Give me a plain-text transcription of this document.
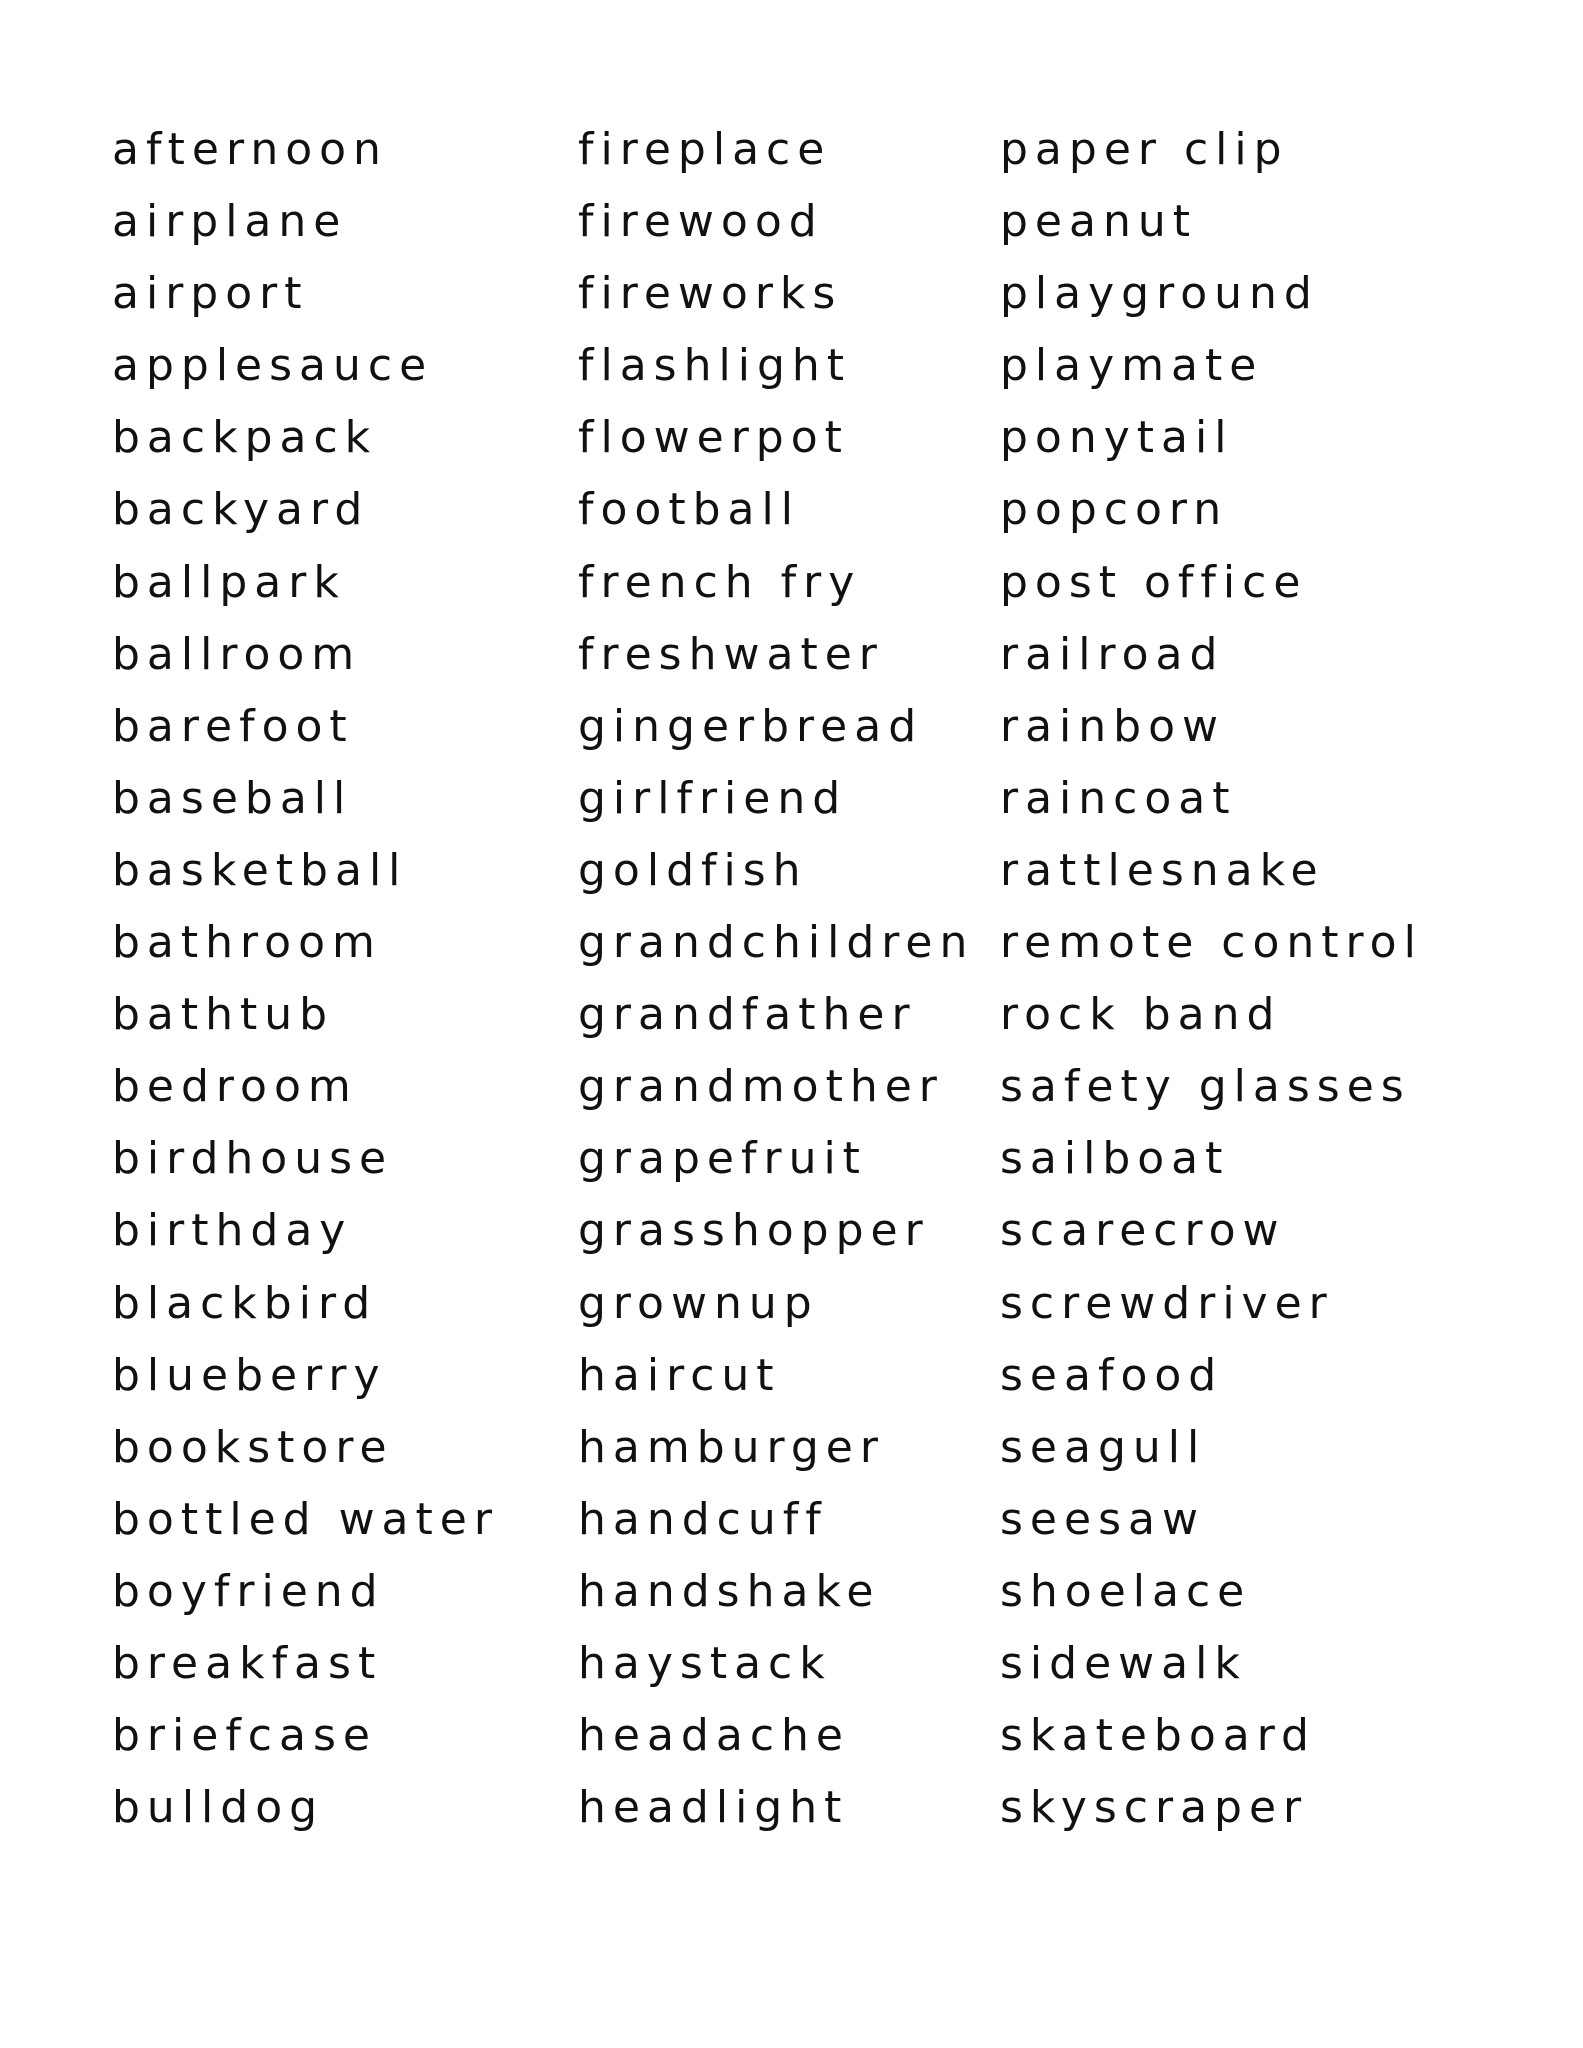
afternoon
airplane
airport
applesauce
backpack
backyard
ballpark
ballroom
barefoot
baseball
basketball
bathroom
bathtub
bedroom
birdhouse
birthday
blackbird
blueberry
bookstore
bottled water
boyfriend
breakfast
briefcase
bulldog
fireplace
firewood
fireworks
flashlight
flowerpot
football
french fry
freshwater
gingerbread
girlfriend
goldfish
grandchildren
grandfather
grandmother
grapefruit
grasshopper
grownup
haircut
hamburger
handcuff
handshake
haystack
headache
headlight
paper clip
peanut
playground
playmate
ponytail
popcorn
post office
railroad
rainbow
raincoat
rattlesnake
remote control
rock band
safety glasses
sailboat
scarecrow
screwdriver
seafood
seagull
seesaw
shoelace
sidewalk
skateboard
skyscraper
